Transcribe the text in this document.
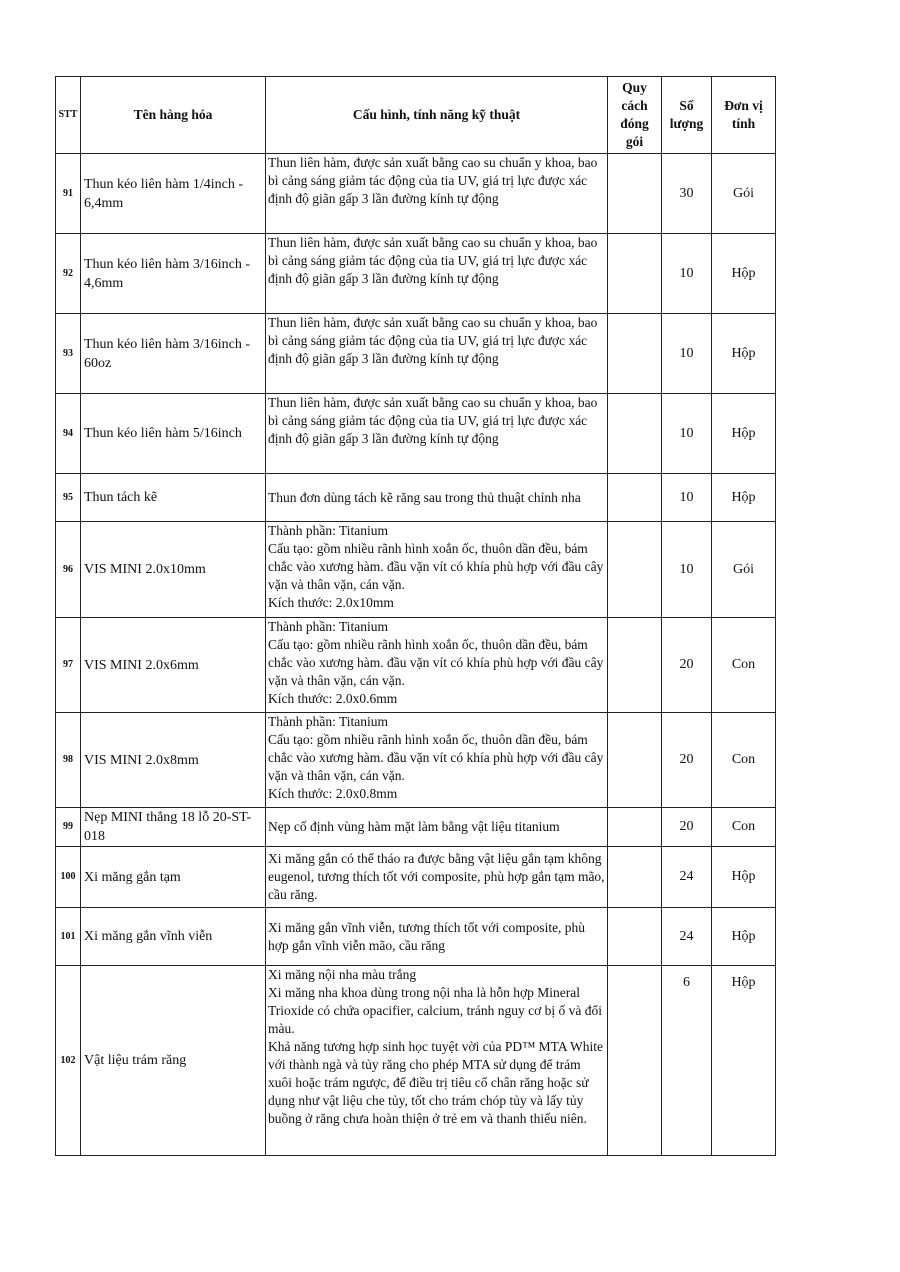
STT	Tên hàng hóa	Cấu hình, tính năng kỹ thuật	Quy cách đóng gói	Số lượng	Đơn vị tính
91	Thun kéo liên hàm 1/4inch - 6,4mm	Thun liên hàm, được sản xuất bằng cao su chuẩn y khoa, bao bì cảng sáng giảm tác động của tia UV, giá trị lực được xác định độ giãn gấp 3 lần đường kính tự động		30	Gói
92	Thun kéo liên hàm 3/16inch - 4,6mm	Thun liên hàm, được sản xuất bằng cao su chuẩn y khoa, bao bì cảng sáng giảm tác động của tia UV, giá trị lực được xác định độ giãn gấp 3 lần đường kính tự động		10	Hộp
93	Thun kéo liên hàm 3/16inch - 60oz	Thun liên hàm, được sản xuất bằng cao su chuẩn y khoa, bao bì cảng sáng giảm tác động của tia UV, giá trị lực được xác định độ giãn gấp 3 lần đường kính tự động		10	Hộp
94	Thun kéo liên hàm 5/16inch	Thun liên hàm, được sản xuất bằng cao su chuẩn y khoa, bao bì cảng sáng giảm tác động của tia UV, giá trị lực được xác định độ giãn gấp 3 lần đường kính tự động		10	Hộp
95	Thun tách kẽ	Thun đơn dùng tách kẽ răng sau trong thủ thuật chỉnh nha		10	Hộp
96	VIS MINI 2.0x10mm	Thành phần: Titanium
Cấu tạo: gồm nhiều rãnh hình xoắn ốc, thuôn dần đều, bám chắc vào xương hàm. đầu vặn vít có khía phù hợp với đầu cây vặn và thân vặn, cán vặn.
Kích thước: 2.0x10mm		10	Gói
97	VIS MINI 2.0x6mm	Thành phần: Titanium
Cấu tạo: gồm nhiều rãnh hình xoắn ốc, thuôn dần đều, bám chắc vào xương hàm. đầu vặn vít có khía phù hợp với đầu cây vặn và thân vặn, cán vặn.
Kích thước: 2.0x0.6mm		20	Con
98	VIS MINI 2.0x8mm	Thành phần: Titanium
Cấu tạo: gồm nhiều rãnh hình xoắn ốc, thuôn dần đều, bám chắc vào xương hàm. đầu vặn vít có khía phù hợp với đầu cây vặn và thân vặn, cán vặn.
Kích thước: 2.0x0.8mm		20	Con
99	Nẹp MINI thẳng 18 lỗ 20-ST-018	Nẹp cố định vùng hàm mặt làm bằng vật liệu titanium		20	Con
100	Xi măng gắn tạm	Xi măng gắn có thể tháo ra được bằng vật liệu gắn tạm không eugenol, tương thích tốt với composite, phù hợp gắn tạm mão, cầu răng.		24	Hộp
101	Xi măng gắn vĩnh viễn	Xi măng gắn vĩnh viễn, tương thích tốt với composite, phù hợp gắn vĩnh viễn mão, cầu răng		24	Hộp
102	Vật liệu trám răng	Xi măng nội nha màu trắng
Xi măng nha khoa dùng trong nội nha là hỗn hợp Mineral Trioxide có chứa opacifier, calcium, tránh nguy cơ bị ố và đổi màu.
Khả năng tương hợp sinh học tuyệt vời của PD™ MTA White với thành ngà và tủy răng cho phép MTA sử dụng để trám xuôi hoặc trám ngược, để điều trị tiêu cổ chân răng hoặc sử dụng như vật liệu che tủy, tốt cho trám chóp tủy và lấy tủy buồng ở răng chưa hoàn thiện ở trẻ em và thanh thiếu niên.		6	Hộp
